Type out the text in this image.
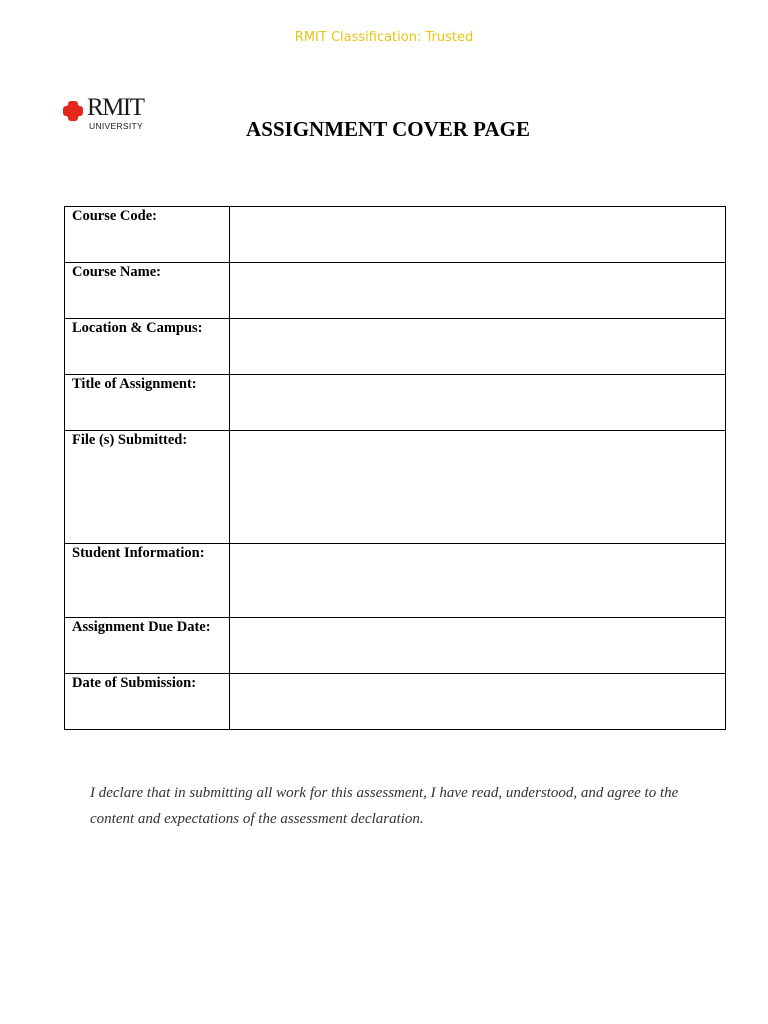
RMIT Classification: Trusted
RMIT
UNIVERSITY	ASSIGNMENT COVER PAGE
Course Code:	
Course Name:	
Location & Campus:	
Title of Assignment:	
File (s) Submitted:	
Student Information:	
Assignment Due Date:	
Date of Submission:	

I declare that in submitting all work for this assessment, I have read, understood, and agree to the content and expectations of the assessment declaration.
